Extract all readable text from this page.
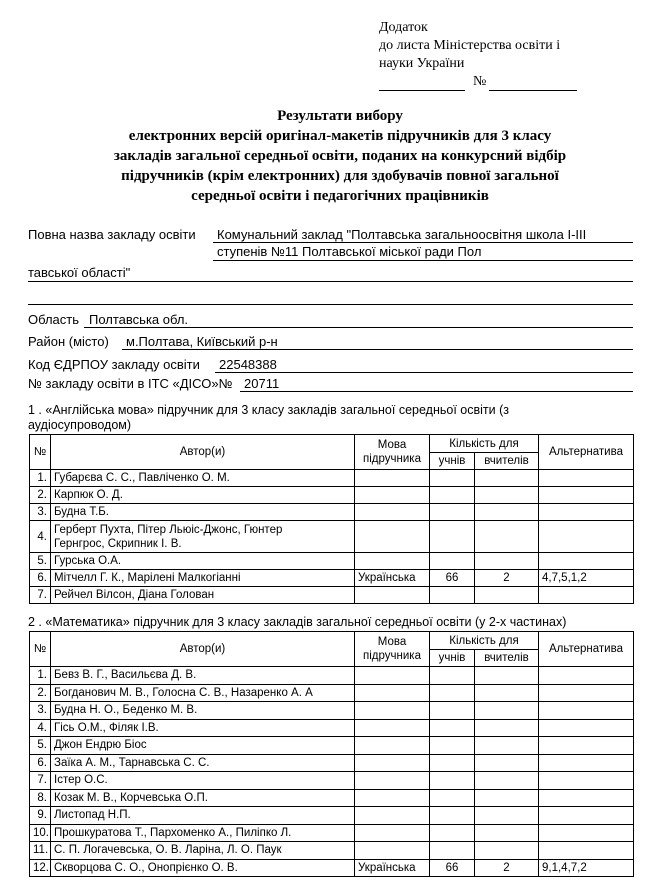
Додаток
до листа Міністерства освіти і
науки України
№
Результати вибору
електронних версій оригінал-макетів підручників для 3 класу
закладів загальної середньої освіти, поданих на конкурсний відбір
підручників (крім електронних) для здобувачів повної загальної
середньої освіти і педагогічних працівників
Повна назва закладу освіти Комунальний заклад "Полтавська загальноосвітня школа І-ІІІ
ступенів №11 Полтавської міської ради Пол
тавської області"
Область Полтавська обл.
Район (місто) м.Полтава, Київський р-н
Код ЄДРПОУ закладу освіти 22548388
№ закладу освіти в ІТС «ДІСО»№ 20711
1 . «Англійська мова» підручник для 3 класу закладів загальної середньої освіти (з
аудіосупроводом)
№	Автор(и)	Мова
підручника	Кількість для		Альтернатива
			учнів	вчителів	
1.	Губарєва С. С., Павліченко О. М.				
2.	Карпюк О. Д.				
3.	Будна Т.Б.				
4.	Герберт Пухта, Пітер Льюіс-Джонс, Гюнтер
Гернгрос, Скрипник І. В.				

5.	Гурська О.А.				
6.	Мітчелл Г. К., Марілені Малкогіанні	Українська	66	2	4,7,5,1,2
7.	Рейчел Вілсон, Діана Голован				
2 . «Математика» підручник для 3 класу закладів загальної середньої освіти (у 2-х частинах)
№	Автор(и)	Мова
підручника	Кількість для		Альтернатива
			учнів	вчителів	
1.	Бевз В. Г., Васильєва Д. В.				
2.	Богданович М. В., Голосна С. В., Назаренко А. А				
3.	Будна Н. О., Беденко М. В.				
4.	Гісь О.М., Філяк І.В.				
5.	Джон Ендрю Біос				
6.	Заїка А. М., Тарнавська С. С.				
7.	Істер О.С.				
8.	Козак М. В., Корчевська О.П.				
9.	Листопад Н.П.				
10.	Прошкуратова Т., Пархоменко А., Пиліпко Л.				
11.	С. П. Логачевська, О. В. Ларіна, Л. О. Паук				
12.	Скворцова С. О., Онопрієнко О. В.	Українська	66	2	9,1,4,7,2
